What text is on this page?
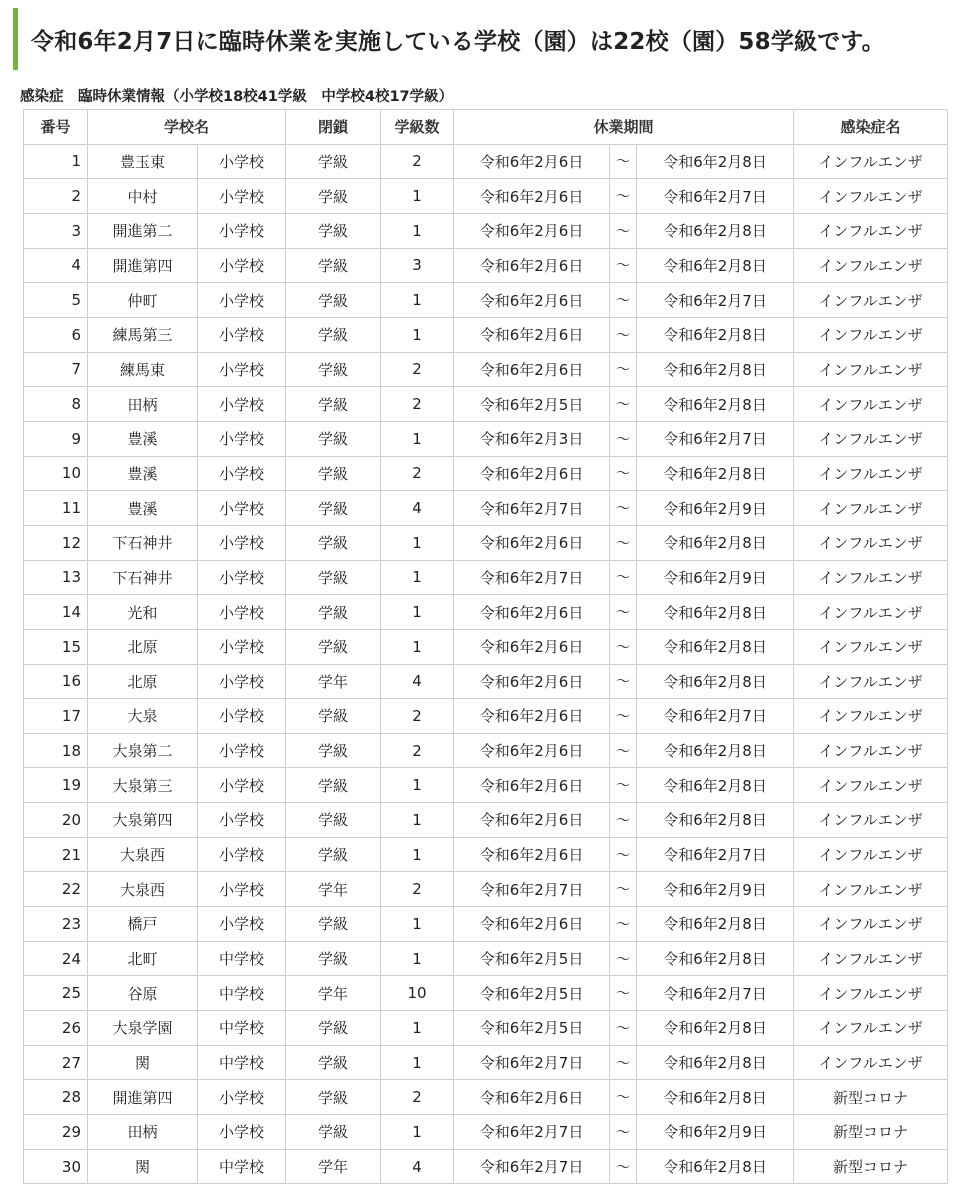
令和6年2月7日に臨時休業を実施している学校（園）は22校（園）58学級です。
感染症　臨時休業情報（小学校18校41学級　中学校4校17学級）
番号	学校名		閉鎖	学級数	休業期間			感染症名
1	豊玉東	小学校	学級	2	令和6年2月6日	～	令和6年2月8日	インフルエンザ
2	中村	小学校	学級	1	令和6年2月6日	～	令和6年2月7日	インフルエンザ
3	開進第二	小学校	学級	1	令和6年2月6日	～	令和6年2月8日	インフルエンザ
4	開進第四	小学校	学級	3	令和6年2月6日	～	令和6年2月8日	インフルエンザ
5	仲町	小学校	学級	1	令和6年2月6日	～	令和6年2月7日	インフルエンザ
6	練馬第三	小学校	学級	1	令和6年2月6日	～	令和6年2月8日	インフルエンザ
7	練馬東	小学校	学級	2	令和6年2月6日	～	令和6年2月8日	インフルエンザ
8	田柄	小学校	学級	2	令和6年2月5日	～	令和6年2月8日	インフルエンザ
9	豊溪	小学校	学級	1	令和6年2月3日	～	令和6年2月7日	インフルエンザ
10	豊溪	小学校	学級	2	令和6年2月6日	～	令和6年2月8日	インフルエンザ
11	豊溪	小学校	学級	4	令和6年2月7日	～	令和6年2月9日	インフルエンザ
12	下石神井	小学校	学級	1	令和6年2月6日	～	令和6年2月8日	インフルエンザ
13	下石神井	小学校	学級	1	令和6年2月7日	～	令和6年2月9日	インフルエンザ
14	光和	小学校	学級	1	令和6年2月6日	～	令和6年2月8日	インフルエンザ
15	北原	小学校	学級	1	令和6年2月6日	～	令和6年2月8日	インフルエンザ
16	北原	小学校	学年	4	令和6年2月6日	～	令和6年2月8日	インフルエンザ
17	大泉	小学校	学級	2	令和6年2月6日	～	令和6年2月7日	インフルエンザ
18	大泉第二	小学校	学級	2	令和6年2月6日	～	令和6年2月8日	インフルエンザ
19	大泉第三	小学校	学級	1	令和6年2月6日	～	令和6年2月8日	インフルエンザ
20	大泉第四	小学校	学級	1	令和6年2月6日	～	令和6年2月8日	インフルエンザ
21	大泉西	小学校	学級	1	令和6年2月6日	～	令和6年2月7日	インフルエンザ
22	大泉西	小学校	学年	2	令和6年2月7日	～	令和6年2月9日	インフルエンザ
23	橋戸	小学校	学級	1	令和6年2月6日	～	令和6年2月8日	インフルエンザ
24	北町	中学校	学級	1	令和6年2月5日	～	令和6年2月8日	インフルエンザ
25	谷原	中学校	学年	10	令和6年2月5日	～	令和6年2月7日	インフルエンザ
26	大泉学園	中学校	学級	1	令和6年2月5日	～	令和6年2月8日	インフルエンザ
27	関	中学校	学級	1	令和6年2月7日	～	令和6年2月8日	インフルエンザ
28	開進第四	小学校	学級	2	令和6年2月6日	～	令和6年2月8日	新型コロナ
29	田柄	小学校	学級	1	令和6年2月7日	～	令和6年2月9日	新型コロナ
30	関	中学校	学年	4	令和6年2月7日	～	令和6年2月8日	新型コロナ
